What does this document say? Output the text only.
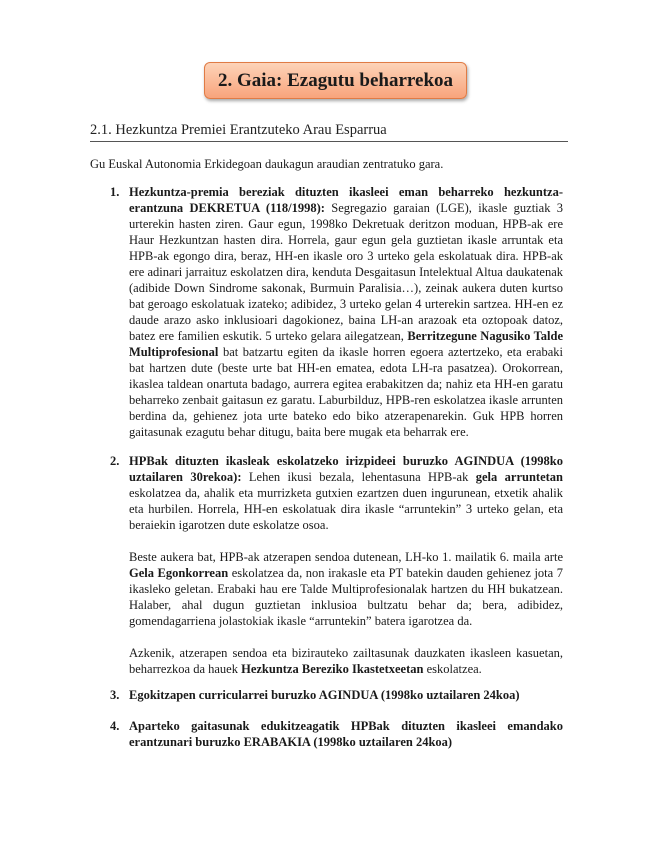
2. Gaia: Ezagutu beharrekoa
2.1. Hezkuntza Premiei Erantzuteko Arau Esparrua
Gu Euskal Autonomia Erkidegoan daukagun araudian zentratuko gara.
1. Hezkuntza-premia bereziak dituzten ikasleei eman beharreko hezkuntza-erantzuna DEKRETUA (118/1998): Segregazio garaian (LGE), ikasle guztiak 3 urterekin hasten ziren. Gaur egun, 1998ko Dekretuak deritzon moduan, HPB-ak ere Haur Hezkuntzan hasten dira. Horrela, gaur egun gela guztietan ikasle arruntak eta HPB-ak egongo dira, beraz, HH-en ikasle oro 3 urteko gela eskolatuak dira. HPB-ak ere adinari jarraituz eskolatzen dira, kenduta Desgaitasun Intelektual Altua daukatenak (adibide Down Sindrome sakonak, Burmuin Paralisia…), zeinak aukera duten kurtso bat geroago eskolatuak izateko; adibidez, 3 urteko gelan 4 urterekin sartzea. HH-en ez daude arazo asko inklusioari dagokionez, baina LH-an arazoak eta oztopoak datoz, batez ere familien eskutik. 5 urteko gelara ailegatzean, Berritzegune Nagusiko Talde Multiprofesional bat batzartu egiten da ikasle horren egoera aztertzeko, eta erabaki bat hartzen dute (beste urte bat HH-en ematea, edota LH-ra pasatzea). Orokorrean, ikaslea taldean onartuta badago, aurrera egitea erabakitzen da; nahiz eta HH-en garatu beharreko zenbait gaitasun ez garatu. Laburbilduz, HPB-ren eskolatzea ikasle arrunten berdina da, gehienez jota urte bateko edo biko atzerapenarekin. Guk HPB horren gaitasunak ezagutu behar ditugu, baita bere mugak eta beharrak ere.

2. HPBak dituzten ikasleak eskolatzeko irizpideei buruzko AGINDUA (1998ko uztailaren 30rekoa): Lehen ikusi bezala, lehentasuna HPB-ak gela arruntetan eskolatzea da, ahalik eta murrizketa gutxien ezartzen duen ingurunean, etxetik ahalik eta hurbilen. Horrela, HH-en eskolatuak dira ikasle “arruntekin” 3 urteko gelan, eta beraiekin igarotzen dute eskolatze osoa.

Beste aukera bat, HPB-ak atzerapen sendoa dutenean, LH-ko 1. mailatik 6. maila arte Gela Egonkorrean eskolatzea da, non irakasle eta PT batekin dauden gehienez jota 7 ikasleko geletan. Erabaki hau ere Talde Multiprofesionalak hartzen du HH bukatzean. Halaber, ahal dugun guztietan inklusioa bultzatu behar da; bera, adibidez, gomendagarriena jolastokiak ikasle “arruntekin” batera igarotzea da.

Azkenik, atzerapen sendoa eta bizirauteko zailtasunak dauzkaten ikasleen kasuetan, beharrezkoa da hauek Hezkuntza Bereziko Ikastetxeetan eskolatzea.

3. Egokitzapen curricularrei buruzko AGINDUA (1998ko uztailaren 24koa)

4. Aparteko gaitasunak edukitzeagatik HPBak dituzten ikasleei emandako erantzunari buruzko ERABAKIA (1998ko uztailaren 24koa)
